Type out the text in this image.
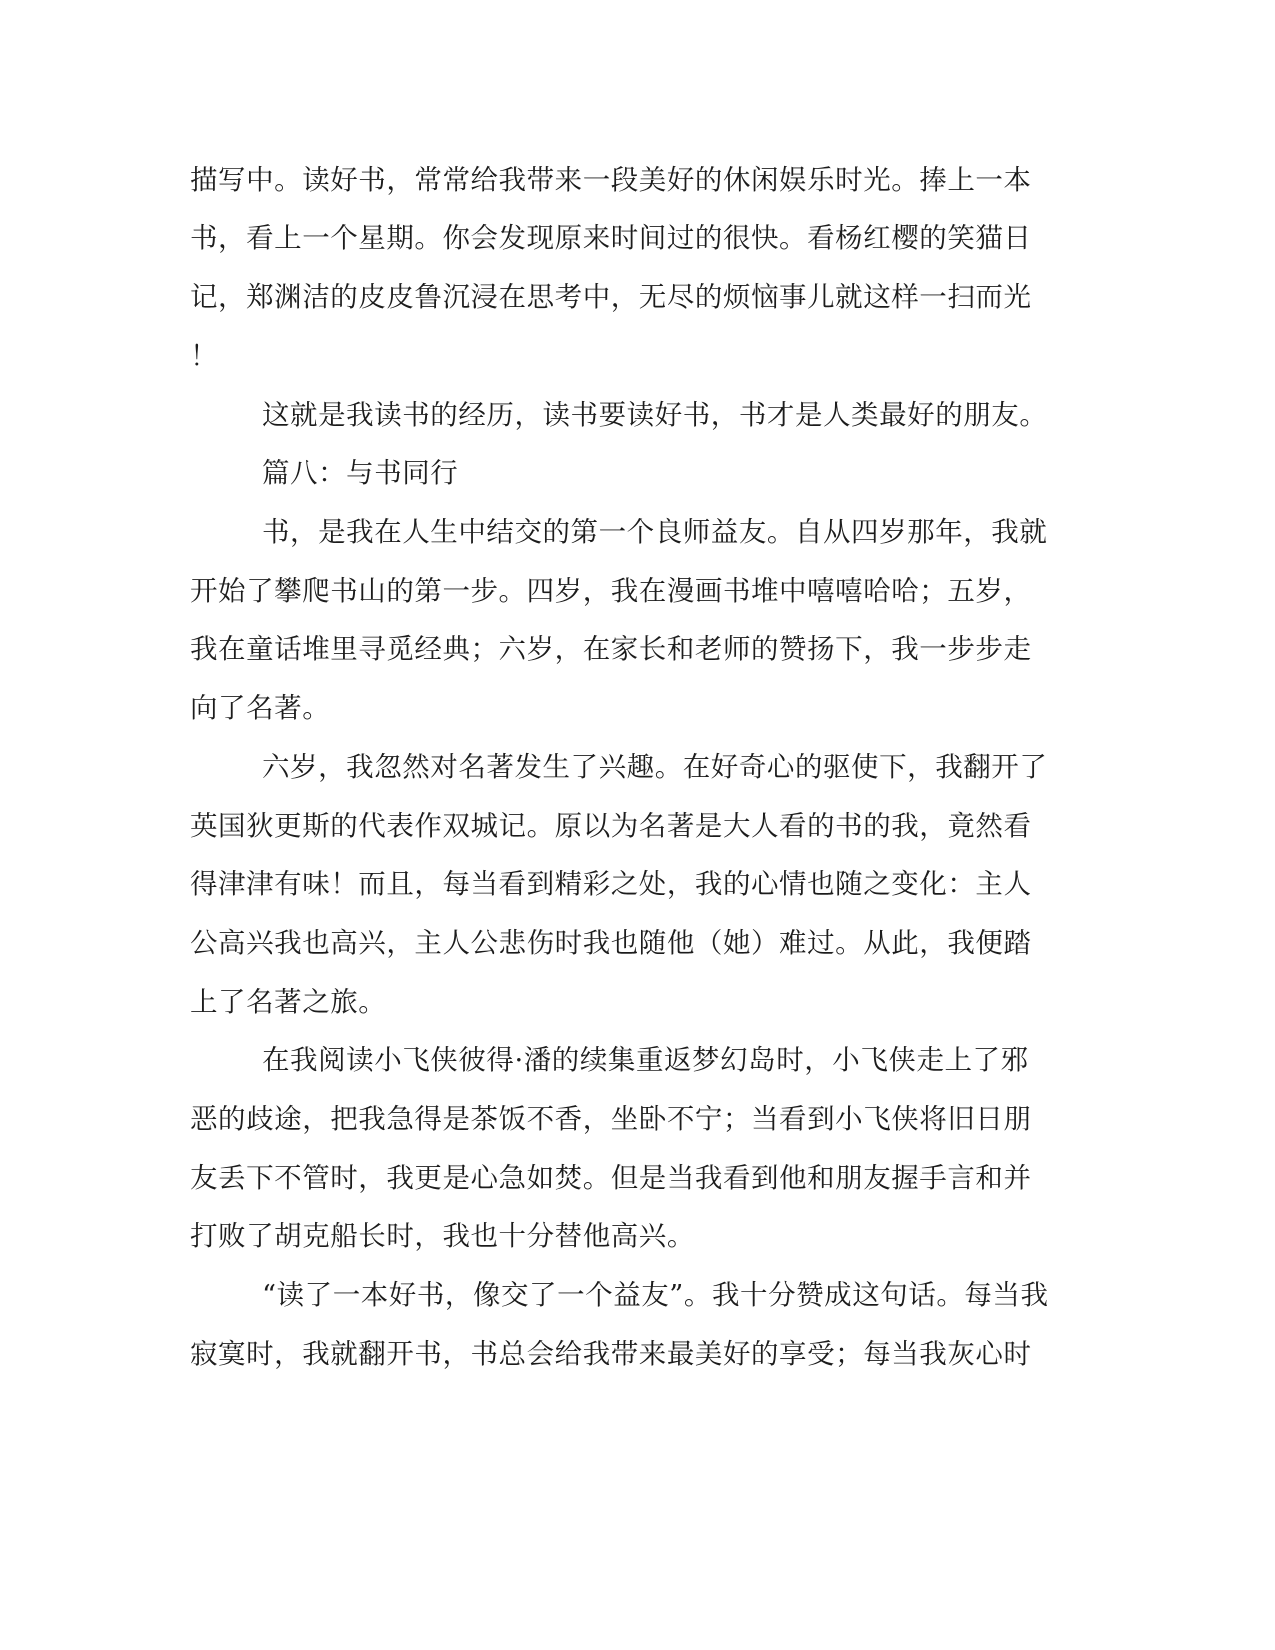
描写中。读好书，常常给我带来一段美好的休闲娱乐时光。捧上一本
书，看上一个星期。你会发现原来时间过的很快。看杨红樱的笑猫日
记，郑渊洁的皮皮鲁沉浸在思考中，无尽的烦恼事儿就这样一扫而光
！
这就是我读书的经历，读书要读好书，书才是人类最好的朋友。
篇八：与书同行
书，是我在人生中结交的第一个良师益友。自从四岁那年，我就
开始了攀爬书山的第一步。四岁，我在漫画书堆中嘻嘻哈哈；五岁，
我在童话堆里寻觅经典；六岁，在家长和老师的赞扬下，我一步步走
向了名著。
六岁，我忽然对名著发生了兴趣。在好奇心的驱使下，我翻开了
英国狄更斯的代表作双城记。原以为名著是大人看的书的我，竟然看
得津津有味！而且，每当看到精彩之处，我的心情也随之变化：主人
公高兴我也高兴，主人公悲伤时我也随他（她）难过。从此，我便踏
上了名著之旅。
在我阅读小飞侠彼得·潘的续集重返梦幻岛时，小飞侠走上了邪
恶的歧途，把我急得是茶饭不香，坐卧不宁；当看到小飞侠将旧日朋
友丢下不管时，我更是心急如焚。但是当我看到他和朋友握手言和并
打败了胡克船长时，我也十分替他高兴。
“读了一本好书，像交了一个益友”。我十分赞成这句话。每当我
寂寞时，我就翻开书，书总会给我带来最美好的享受；每当我灰心时
